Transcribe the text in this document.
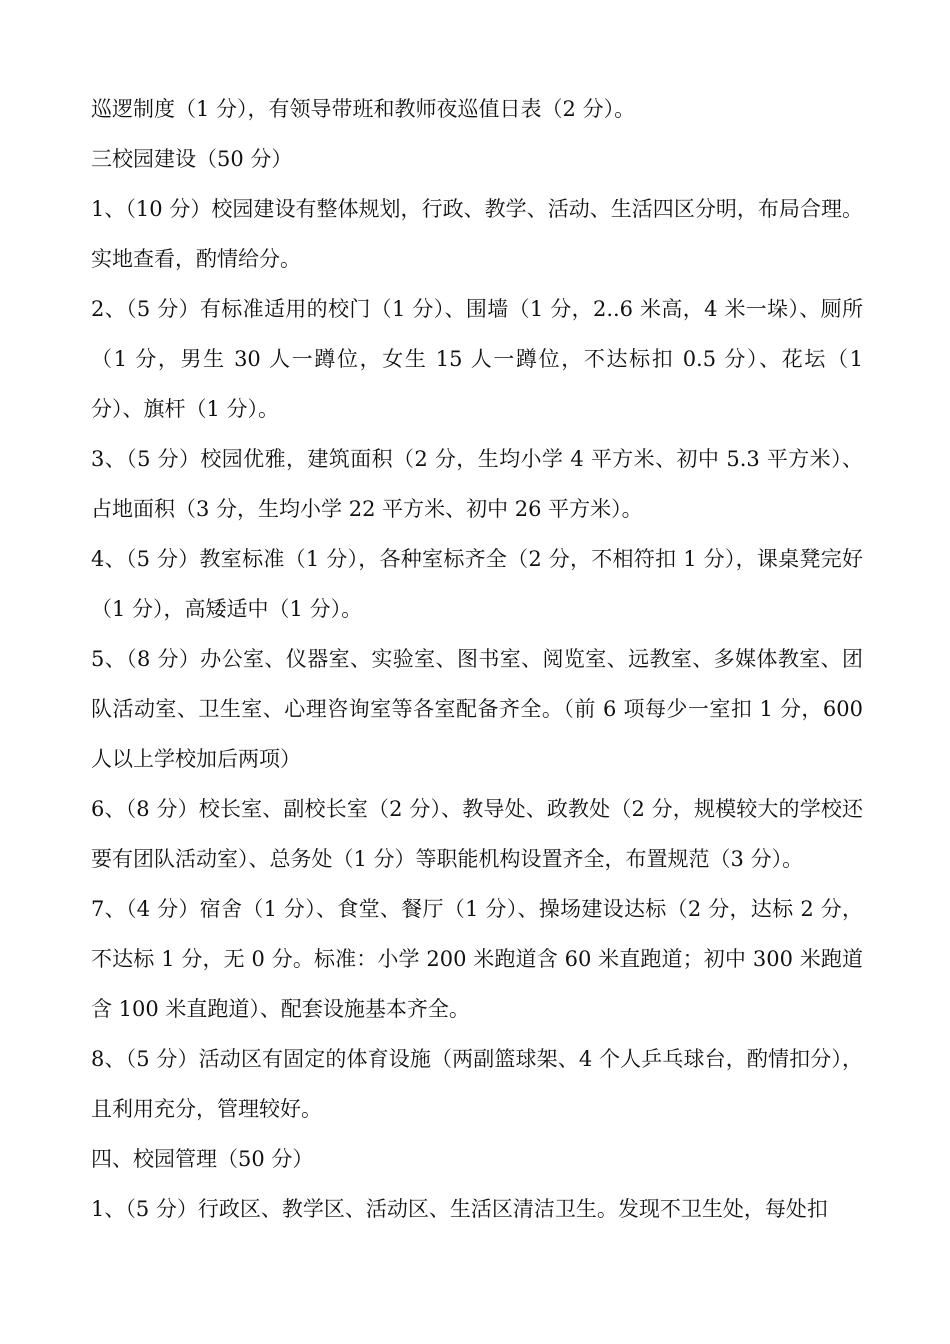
巡逻制度（1 分），有领导带班和教师夜巡值日表（2 分）。

三校园建设（50 分）

1、（10 分）校园建设有整体规划，行政、教学、活动、生活四区分明，布局合理。实地查看，酌情给分。

2、（5 分）有标准适用的校门（1 分）、围墙（1 分，2..6 米高，4 米一垛）、厕所（1 分，男生 30 人一蹲位，女生 15 人一蹲位，不达标扣 0.5 分）、花坛（1 分）、旗杆（1 分）。

3、（5 分）校园优雅，建筑面积（2 分，生均小学 4 平方米、初中 5.3 平方米）、占地面积（3 分，生均小学 22 平方米、初中 26 平方米）。

4、（5 分）教室标准（1 分），各种室标齐全（2 分，不相符扣 1 分），课桌凳完好（1 分），高矮适中（1 分）。

5、（8 分）办公室、仪器室、实验室、图书室、阅览室、远教室、多媒体教室、团队活动室、卫生室、心理咨询室等各室配备齐全。（前 6 项每少一室扣 1 分，600 人以上学校加后两项）

6、（8 分）校长室、副校长室（2 分）、教导处、政教处（2 分，规模较大的学校还要有团队活动室）、总务处（1 分）等职能机构设置齐全，布置规范（3 分）。

7、（4 分）宿舍（1 分）、食堂、餐厅（1 分）、操场建设达标（2 分，达标 2 分，不达标 1 分，无 0 分。标准：小学 200 米跑道含 60 米直跑道；初中 300 米跑道含 100 米直跑道）、配套设施基本齐全。

8、（5 分）活动区有固定的体育设施（两副篮球架、4 个人乒乓球台，酌情扣分），且利用充分，管理较好。

四、校园管理（50 分）

1、（5 分）行政区、教学区、活动区、生活区清洁卫生。发现不卫生处，每处扣
